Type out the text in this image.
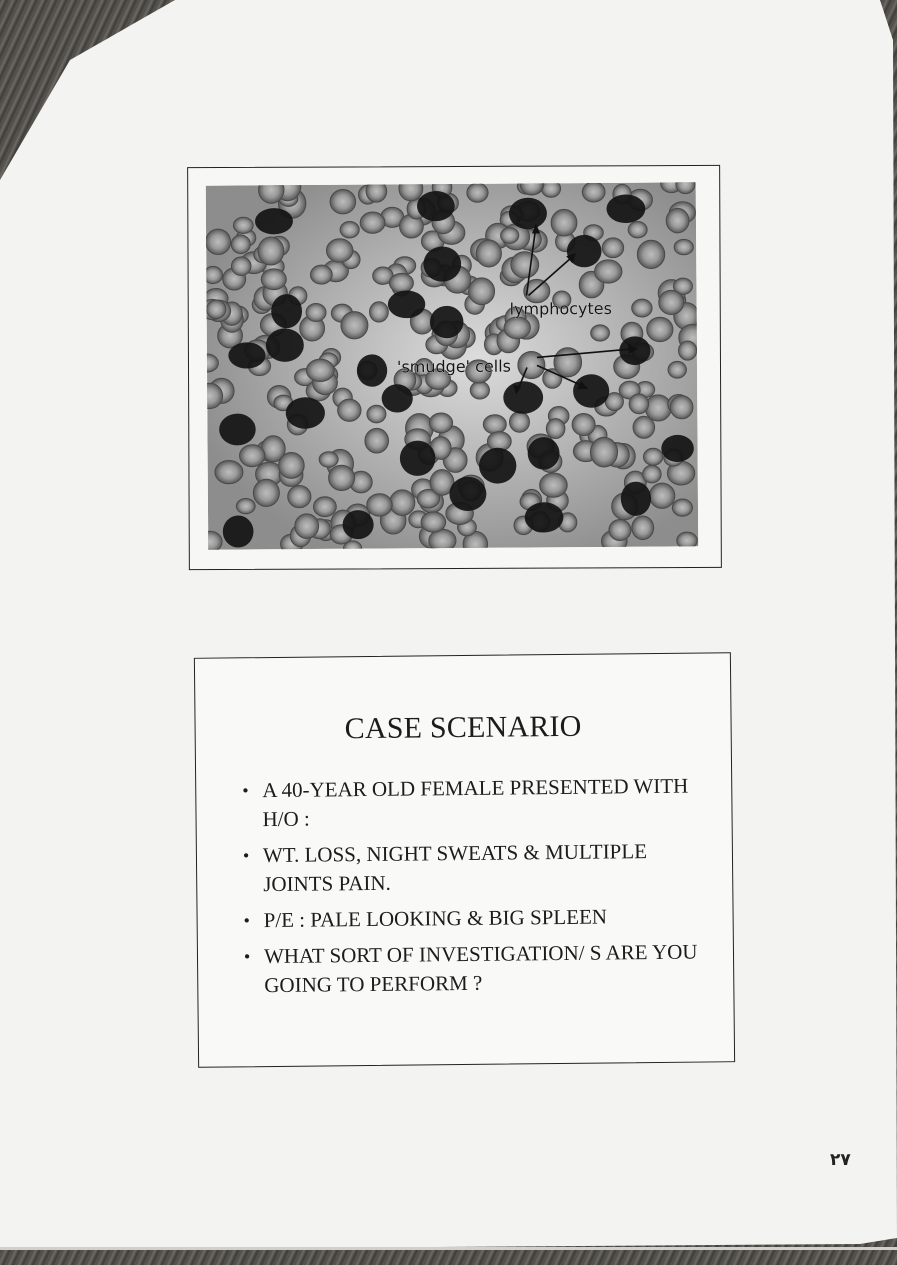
lymphocytes
'smudge' cells
CASE SCENARIO
• A 40-YEAR OLD FEMALE PRESENTED WITH H/O :
• WT. LOSS, NIGHT SWEATS & MULTIPLE JOINTS PAIN.
• P/E : PALE LOOKING & BIG SPLEEN
• WHAT SORT OF INVESTIGATION/ S ARE YOU GOING TO PERFORM ?
٢٧
